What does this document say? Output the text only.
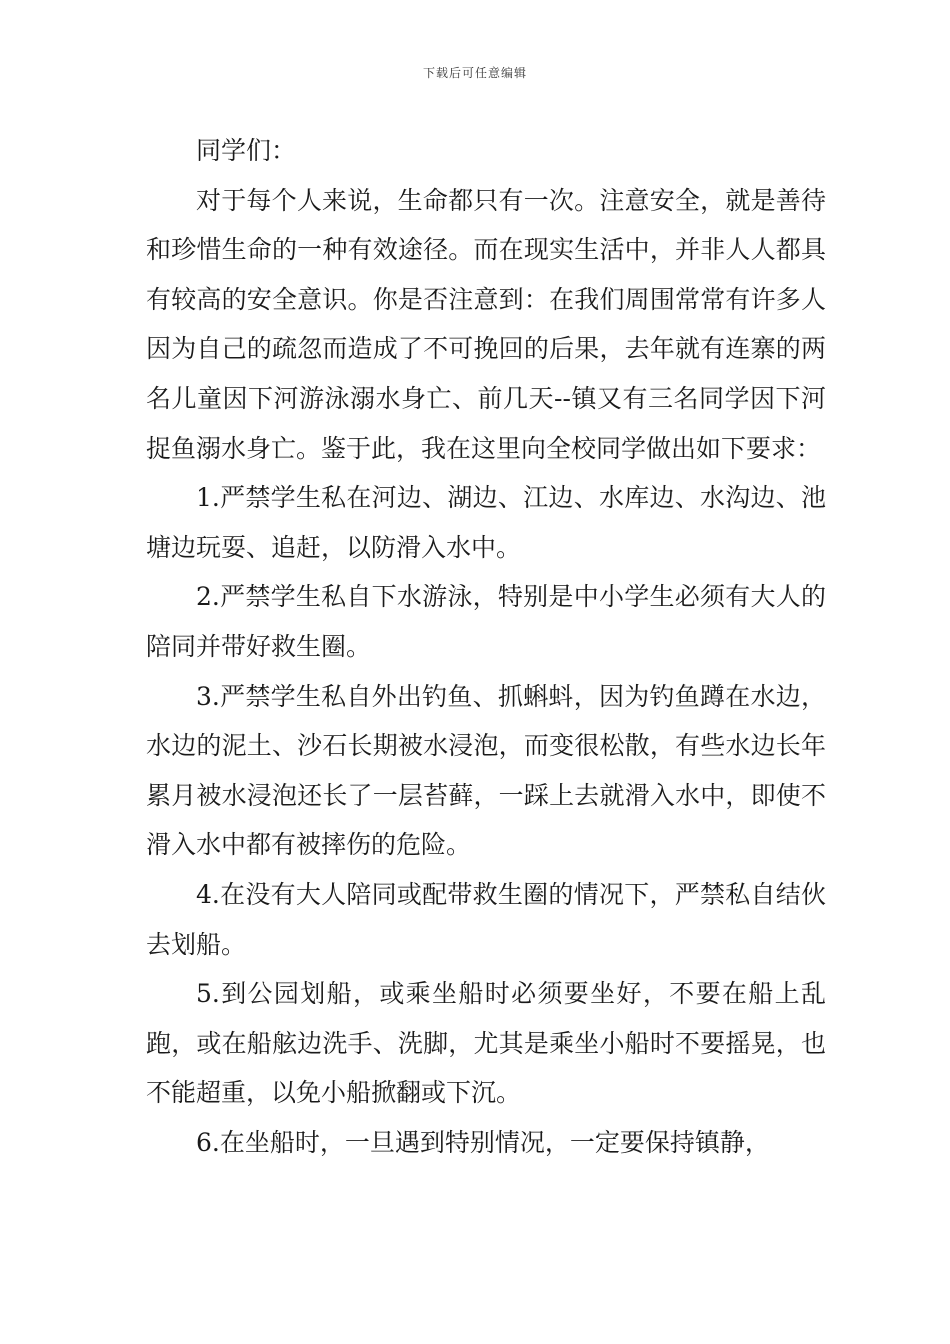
下载后可任意编辑

同学们：

对于每个人来说，生命都只有一次。注意安全，就是善待和珍惜生命的一种有效途径。而在现实生活中，并非人人都具有较高的安全意识。你是否注意到：在我们周围常常有许多人因为自己的疏忽而造成了不可挽回的后果，去年就有连寨的两名儿童因下河游泳溺水身亡、前几天--镇又有三名同学因下河捉鱼溺水身亡。鉴于此，我在这里向全校同学做出如下要求：

1.严禁学生私在河边、湖边、江边、水库边、水沟边、池塘边玩耍、追赶，以防滑入水中。

2.严禁学生私自下水游泳，特别是中小学生必须有大人的陪同并带好救生圈。

3.严禁学生私自外出钓鱼、抓蝌蚪，因为钓鱼蹲在水边，水边的泥土、沙石长期被水浸泡，而变很松散，有些水边长年累月被水浸泡还长了一层苔藓，一踩上去就滑入水中，即使不滑入水中都有被摔伤的危险。

4.在没有大人陪同或配带救生圈的情况下，严禁私自结伙去划船。

5.到公园划船，或乘坐船时必须要坐好，不要在船上乱跑，或在船舷边洗手、洗脚，尤其是乘坐小船时不要摇晃，也不能超重，以免小船掀翻或下沉。

6.在坐船时，一旦遇到特别情况，一定要保持镇静，
